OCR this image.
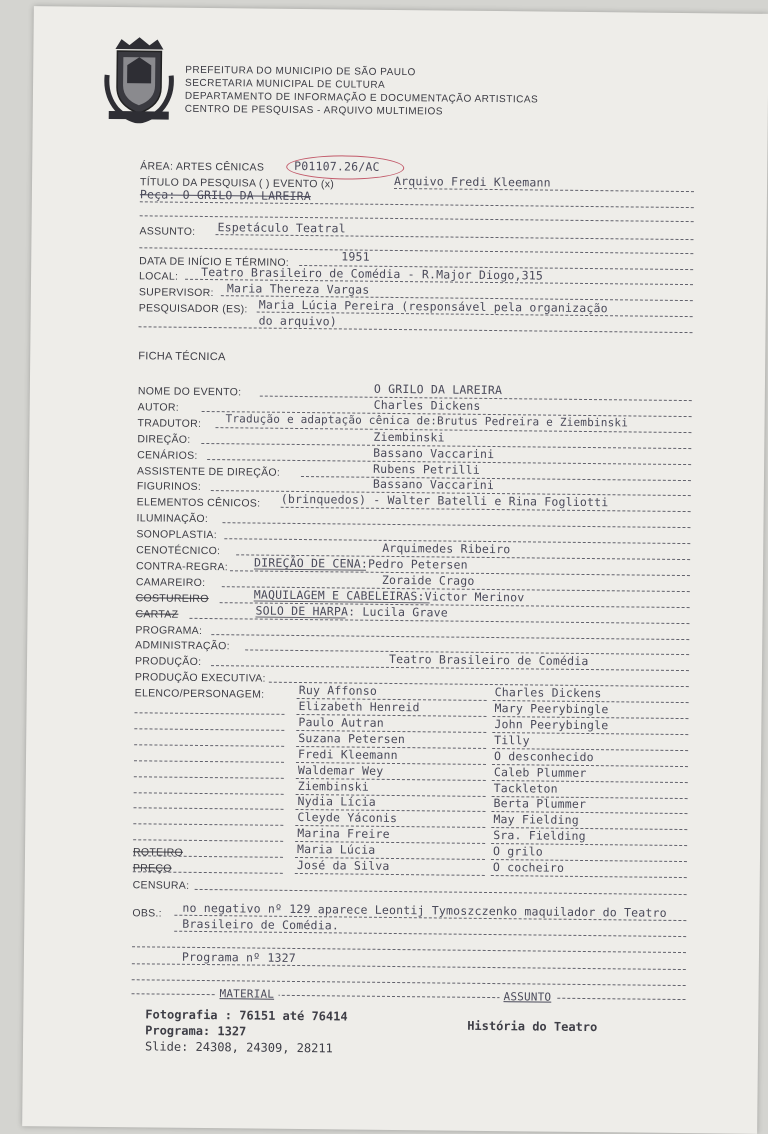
PREFEITURA DO MUNICIPIO DE SÃO PAULO
SECRETARIA MUNICIPAL DE CULTURA
DEPARTAMENTO DE INFORMAÇÃO E DOCUMENTAÇÃO ARTISTICAS
CENTRO DE PESQUISAS - ARQUIVO MULTIMEIOS
ÁREA: ARTES CÊNICAS	P01107.26/AC
TÍTULO DA PESQUISA ( ) EVENTO (x)	Arquivo Fredi Kleemann
Peça: O GRILO DA LAREIRA
ASSUNTO: Espetáculo Teatral
DATA DE INÍCIO E TÉRMINO:	1951
LOCAL: Teatro Brasileiro de Comédia - R.Major Diogo,315
SUPERVISOR: Maria Thereza Vargas
PESQUISADOR (ES): Maria Lúcia Pereira (responsável pela organização
do arquivo)
FICHA TÉCNICA
NOME DO EVENTO:	O GRILO DA LAREIRA
AUTOR:	Charles Dickens
TRADUTOR: Tradução e adaptação cênica de:Brutus Pedreira e Ziembinski
DIREÇÃO:	Ziembinski
CENÁRIOS:	Bassano Vaccarini
ASSISTENTE DE DIREÇÃO:	Rubens Petrilli
FIGURINOS:	Bassano Vaccarini
ELEMENTOS CÊNICOS: (brinquedos) - Walter Batelli e Rina Fogliotti
ILUMINAÇÃO:
SONOPLASTIA:
CENOTÉCNICO:	Arquimedes Ribeiro
CONTRA-REGRA: DIREÇÃO DE CENA:Pedro Petersen
CAMAREIRO:	Zoraide Crago
COSTUREIRO	MAQUILAGEM E CABELEIRAS:Victor Merinov
CARTAZ	SOLO DE HARPA: Lucila Grave
PROGRAMA:
ADMINISTRAÇÃO:
PRODUÇÃO:	Teatro Brasileiro de Comédia
PRODUÇÃO EXECUTIVA:
ELENCO/PERSONAGEM:	Ruy Affonso	Charles Dickens
Elizabeth Henreid	Mary Peerybingle
Paulo Autran	John Peerybingle
Suzana Petersen	Tilly
Fredi Kleemann	O desconhecido
Waldemar Wey	Caleb Plummer
Ziembinski	Tackleton
Nydia Lícia	Berta Plummer
Cleyde Yáconis	May Fielding
Marina Freire	Sra. Fielding
Maria Lúcia	O grilo
José da Silva	O cocheiro
ROTEIRO
PREÇO
CENSURA:
OBS.: no negativo nº 129 aparece Leontij Tymoszczenko maquilador do Teatro
Brasileiro de Comédia.
Programa nº 1327
MATERIAL	ASSUNTO
Fotografia : 76151 até 76414
Programa: 1327
Slide: 24308, 24309, 28211
História do Teatro
